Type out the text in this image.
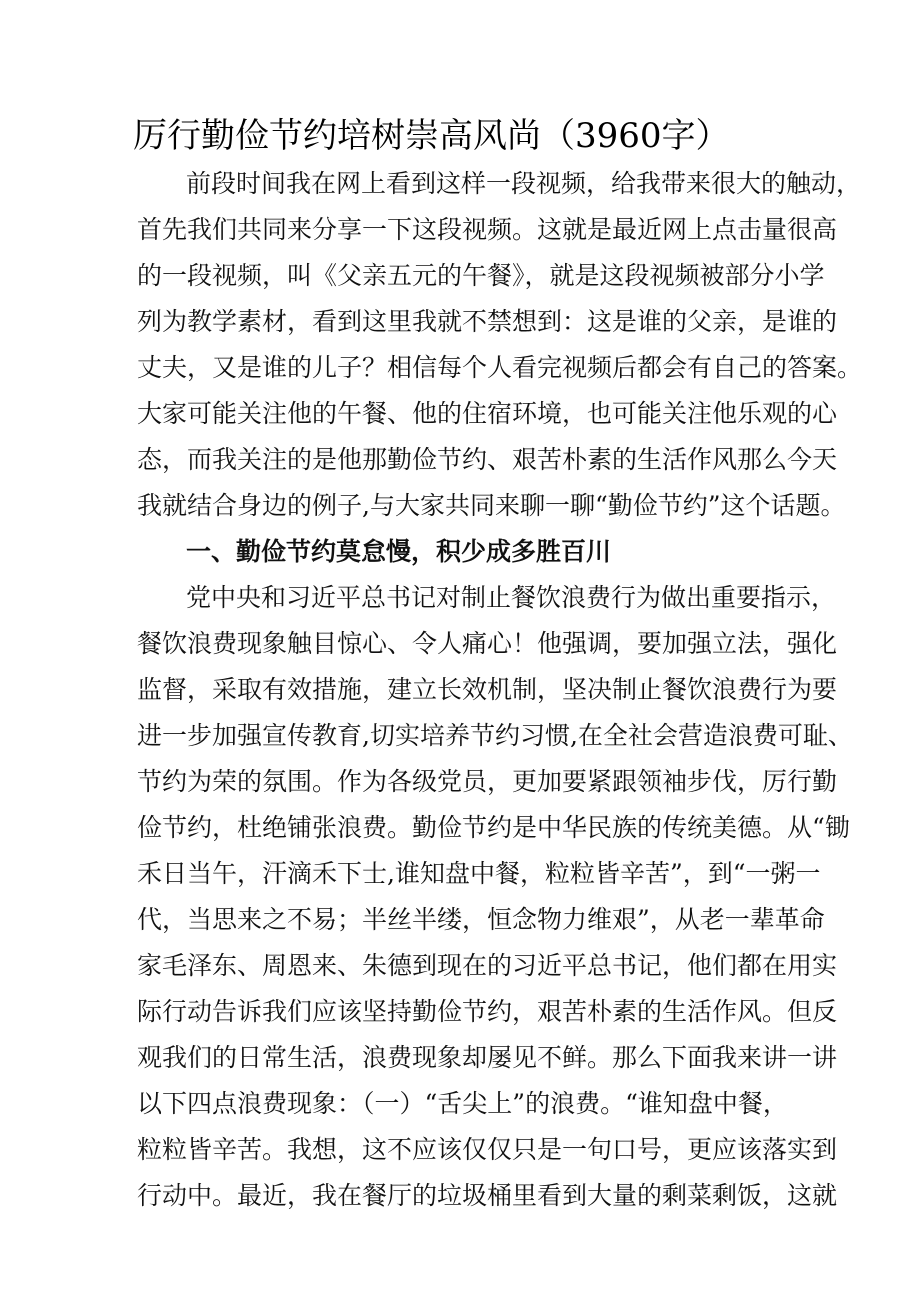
厉行勤俭节约培树崇高风尚（3960字）
前段时间我在网上看到这样一段视频，给我带来很大的触动，
首先我们共同来分享一下这段视频。这就是最近网上点击量很高
的一段视频，叫《父亲五元的午餐》，就是这段视频被部分小学
列为教学素材，看到这里我就不禁想到：这是谁的父亲，是谁的
丈夫，又是谁的儿子？相信每个人看完视频后都会有自己的答案。
大家可能关注他的午餐、他的住宿环境，也可能关注他乐观的心
态，而我关注的是他那勤俭节约、艰苦朴素的生活作风那么今天
我就结合身边的例子,与大家共同来聊一聊“勤俭节约”这个话题。
一、勤俭节约莫怠慢，积少成多胜百川
党中央和习近平总书记对制止餐饮浪费行为做出重要指示，
餐饮浪费现象触目惊心、令人痛心！他强调，要加强立法，强化
监督，采取有效措施，建立长效机制，坚决制止餐饮浪费行为要
进一步加强宣传教育,切实培养节约习惯,在全社会营造浪费可耻、
节约为荣的氛围。作为各级党员，更加要紧跟领袖步伐，厉行勤
俭节约，杜绝铺张浪费。勤俭节约是中华民族的传统美德。从“锄
禾日当午，汗滴禾下士,谁知盘中餐，粒粒皆辛苦”，到“一粥一
代，当思来之不易；半丝半缕，恒念物力维艰”，从老一辈革命
家毛泽东、周恩来、朱德到现在的习近平总书记，他们都在用实
际行动告诉我们应该坚持勤俭节约，艰苦朴素的生活作风。但反
观我们的日常生活，浪费现象却屡见不鲜。那么下面我来讲一讲
以下四点浪费现象：（一）“舌尖上”的浪费。“谁知盘中餐，
粒粒皆辛苦。我想，这不应该仅仅只是一句口号，更应该落实到
行动中。最近，我在餐厅的垃圾桶里看到大量的剩菜剩饭，这就
